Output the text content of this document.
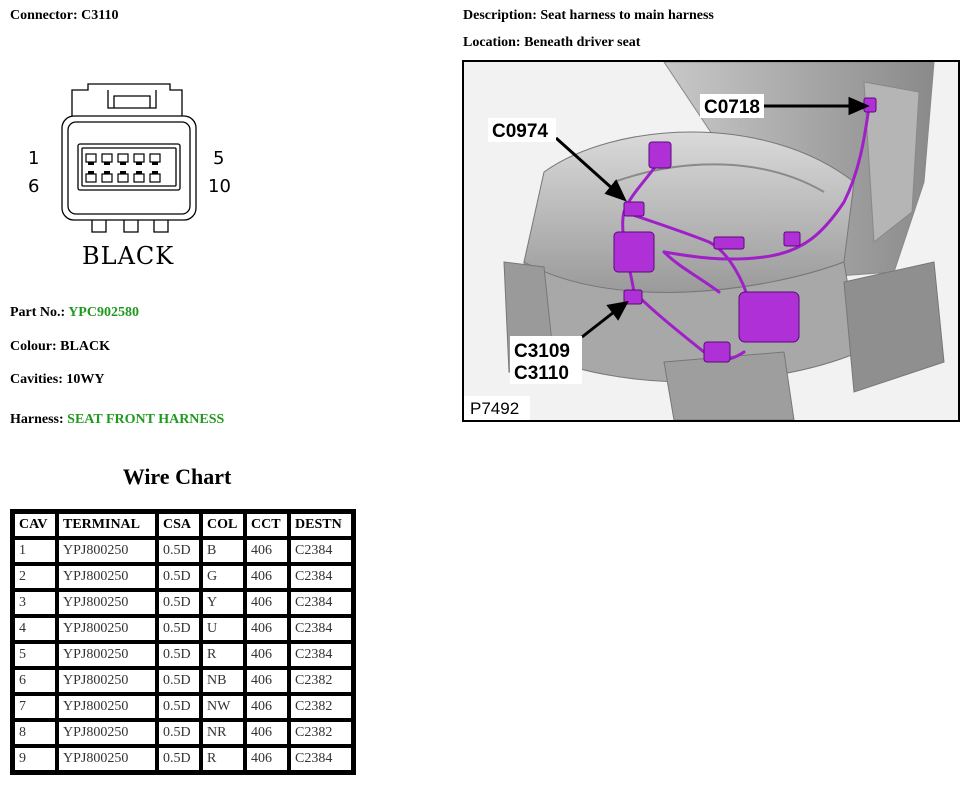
Connector: C3110
1
6
5
10
BLACK
Part No.: YPC902580
Colour: BLACK
Cavities: 10WY
Harness: SEAT FRONT HARNESS
Description: Seat harness to main harness
Location: Beneath driver seat
C0718
C0974
C3109
C3110
P7492
Wire Chart
CAV	TERMINAL	CSA	COL	CCT	DESTN
1	YPJ800250	0.5D	B	406	C2384
2	YPJ800250	0.5D	G	406	C2384
3	YPJ800250	0.5D	Y	406	C2384
4	YPJ800250	0.5D	U	406	C2384
5	YPJ800250	0.5D	R	406	C2384
6	YPJ800250	0.5D	NB	406	C2382
7	YPJ800250	0.5D	NW	406	C2382
8	YPJ800250	0.5D	NR	406	C2382
9	YPJ800250	0.5D	R	406	C2384
